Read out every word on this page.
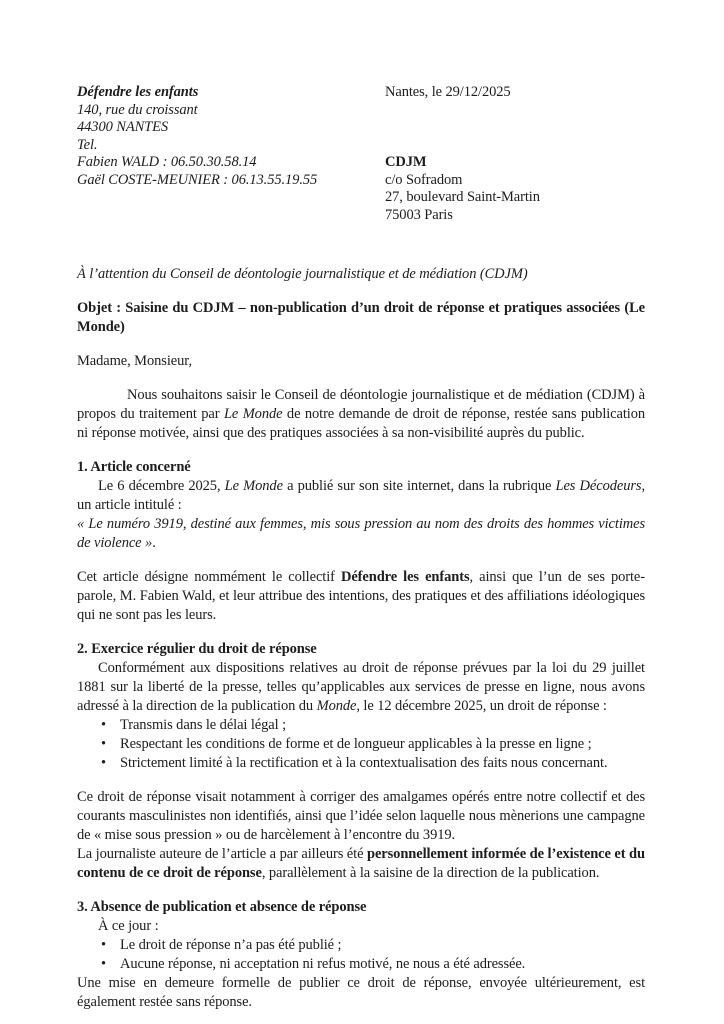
Défendre les enfants
140, rue du croissant
44300 NANTES
Tel.
Fabien WALD : 06.50.30.58.14
Gaël COSTE-MEUNIER : 06.13.55.19.55
Nantes, le 29/12/2025
CDJM
c/o Sofradom
27, boulevard Saint-Martin
75003 Paris

À l’attention du Conseil de déontologie journalistique et de médiation (CDJM)

Objet : Saisine du CDJM – non-publication d’un droit de réponse et pratiques associées (Le Monde)

Madame, Monsieur,

Nous souhaitons saisir le Conseil de déontologie journalistique et de médiation (CDJM) à propos du traitement par Le Monde de notre demande de droit de réponse, restée sans publication ni réponse motivée, ainsi que des pratiques associées à sa non-visibilité auprès du public.

1. Article concerné

Le 6 décembre 2025, Le Monde a publié sur son site internet, dans la rubrique Les Décodeurs, un article intitulé :

« Le numéro 3919, destiné aux femmes, mis sous pression au nom des droits des hommes victimes de violence ».

Cet article désigne nommément le collectif Défendre les enfants, ainsi que l’un de ses porte-parole, M. Fabien Wald, et leur attribue des intentions, des pratiques et des affiliations idéologiques qui ne sont pas les leurs.

2. Exercice régulier du droit de réponse

Conformément aux dispositions relatives au droit de réponse prévues par la loi du 29 juillet 1881 sur la liberté de la presse, telles qu’applicables aux services de presse en ligne, nous avons adressé à la direction de la publication du Monde, le 12 décembre 2025, un droit de réponse :

• Transmis dans le délai légal ;
• Respectant les conditions de forme et de longueur applicables à la presse en ligne ;
• Strictement limité à la rectification et à la contextualisation des faits nous concernant.

Ce droit de réponse visait notamment à corriger des amalgames opérés entre notre collectif et des courants masculinistes non identifiés, ainsi que l’idée selon laquelle nous mènerions une campagne de « mise sous pression » ou de harcèlement à l’encontre du 3919.

La journaliste auteure de l’article a par ailleurs été personnellement informée de l’existence et du contenu de ce droit de réponse, parallèlement à la saisine de la direction de la publication.

3. Absence de publication et absence de réponse

À ce jour :

• Le droit de réponse n’a pas été publié ;
• Aucune réponse, ni acceptation ni refus motivé, ne nous a été adressée.

Une mise en demeure formelle de publier ce droit de réponse, envoyée ultérieurement, est également restée sans réponse.
